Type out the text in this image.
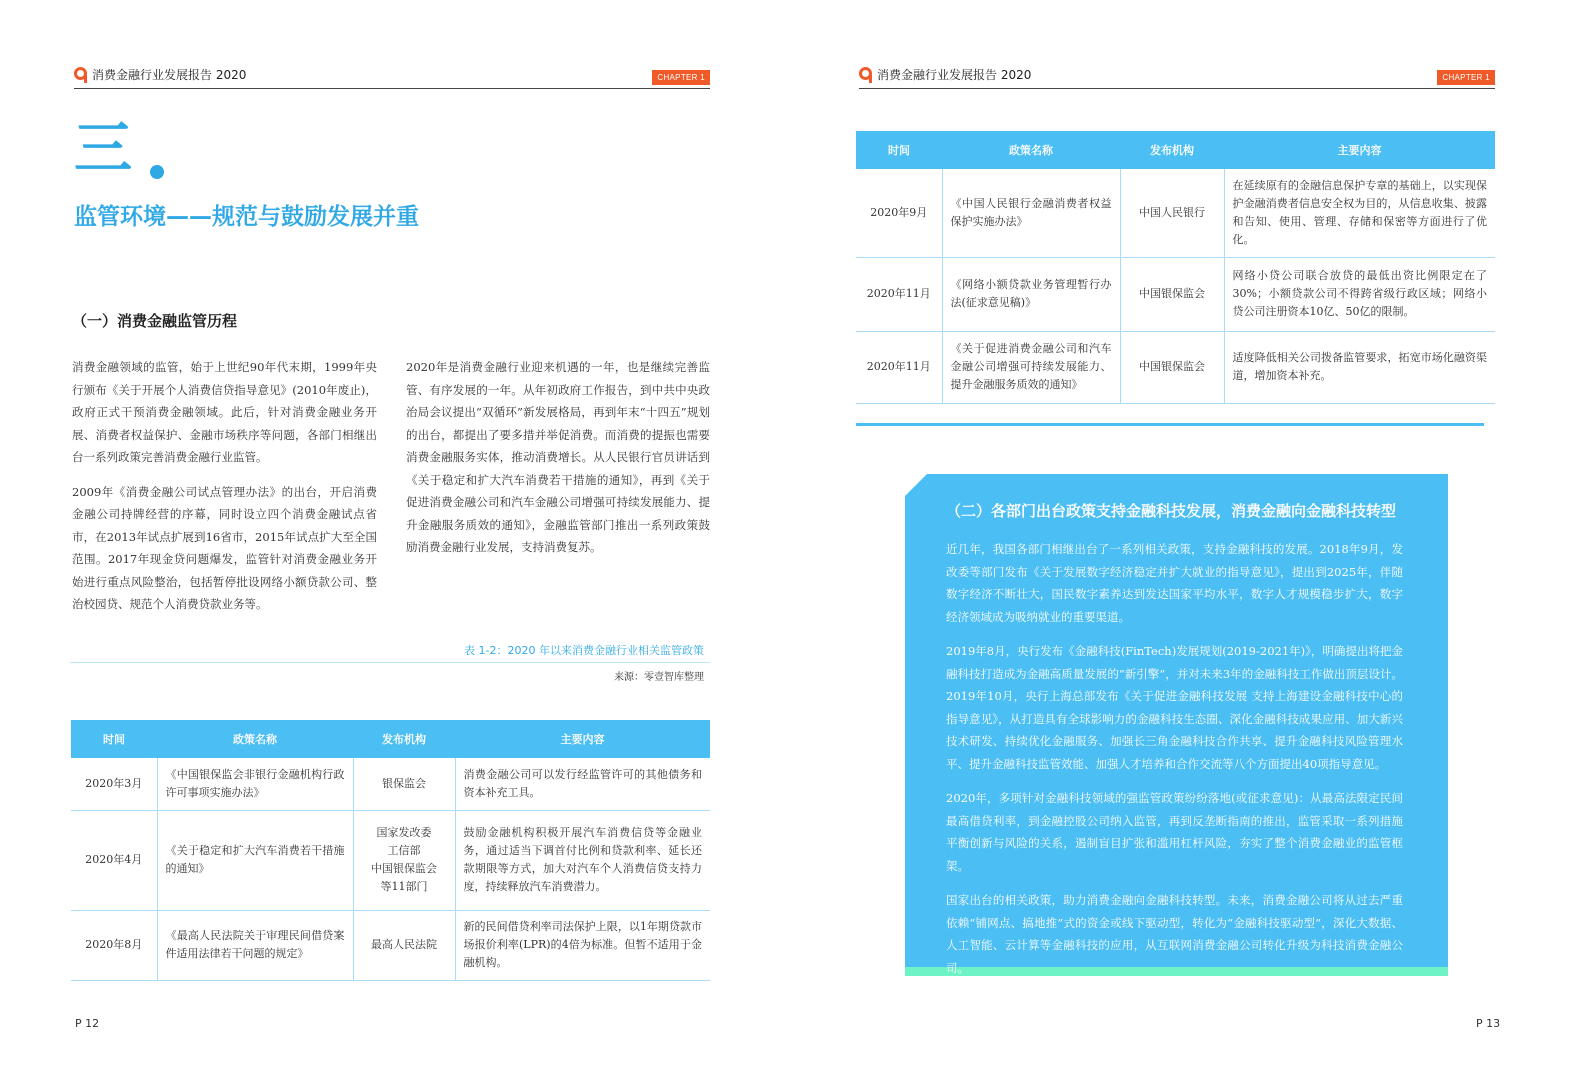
消费金融行业发展报告 2020	CHAPTER 1
三
监管环境——规范与鼓励发展并重
（一）消费金融监管历程

消费金融领域的监管，始于上世纪90年代末期，1999年央行颁布《关于开展个人消费信贷指导意见》(2010年废止)，政府正式干预消费金融领域。此后，针对消费金融业务开展、消费者权益保护、金融市场秩序等问题，各部门相继出台一系列政策完善消费金融行业监管。

2009年《消费金融公司试点管理办法》的出台，开启消费金融公司持牌经营的序幕，同时设立四个消费金融试点省市，在2013年试点扩展到16省市，2015年试点扩大至全国范围。2017年现金贷问题爆发，监管针对消费金融业务开始进行重点风险整治，包括暂停批设网络小额贷款公司、整治校园贷、规范个人消费贷款业务等。

2020年是消费金融行业迎来机遇的一年，也是继续完善监管、有序发展的一年。从年初政府工作报告，到中共中央政治局会议提出“双循环”新发展格局，再到年末“十四五”规划的出台，都提出了要多措并举促消费。而消费的提振也需要消费金融服务实体，推动消费增长。从人民银行官员讲话到《关于稳定和扩大汽车消费若干措施的通知》，再到《关于促进消费金融公司和汽车金融公司增强可持续发展能力、提升金融服务质效的通知》，金融监管部门推出一系列政策鼓励消费金融行业发展，支持消费复苏。

表 1-2：2020 年以来消费金融行业相关监管政策
来源：零壹智库整理
时间	政策名称	发布机构	主要内容
2020年3月	《中国银保监会非银行金融机构行政许可事项实施办法》	银保监会	消费金融公司可以发行经监管许可的其他债务和资本补充工具。
2020年4月	《关于稳定和扩大汽车消费若干措施的通知》	国家发改委
工信部
中国银保监会
等11部门	鼓励金融机构积极开展汽车消费信贷等金融业务，通过适当下调首付比例和贷款利率、延长还款期限等方式，加大对汽车个人消费信贷支持力度，持续释放汽车消费潜力。
2020年8月	《最高人民法院关于审理民间借贷案件适用法律若干问题的规定》	最高人民法院	新的民间借贷利率司法保护上限，以1年期贷款市场报价利率(LPR)的4倍为标准。但暂不适用于金融机构。
P 12
消费金融行业发展报告 2020	CHAPTER 1
时间	政策名称	发布机构	主要内容
2020年9月	《中国人民银行金融消费者权益保护实施办法》	中国人民银行	在延续原有的金融信息保护专章的基础上，以实现保护金融消费者信息安全权为目的，从信息收集、披露和告知、使用、管理、存储和保密等方面进行了优化。
2020年11月	《网络小额贷款业务管理暂行办法(征求意见稿)》	中国银保监会	网络小贷公司联合放贷的最低出资比例限定在了30%；小额贷款公司不得跨省级行政区域；网络小贷公司注册资本10亿、50亿的限制。
2020年11月	《关于促进消费金融公司和汽车金融公司增强可持续发展能力、提升金融服务质效的通知》	中国银保监会	适度降低相关公司拨备监管要求，拓宽市场化融资渠道，增加资本补充。
（二）各部门出台政策支持金融科技发展，消费金融向金融科技转型

近几年，我国各部门相继出台了一系列相关政策，支持金融科技的发展。2018年9月，发改委等部门发布《关于发展数字经济稳定并扩大就业的指导意见》，提出到2025年，伴随数字经济不断壮大，国民数字素养达到发达国家平均水平，数字人才规模稳步扩大，数字经济领域成为吸纳就业的重要渠道。

2019年8月，央行发布《金融科技(FinTech)发展规划(2019-2021年)》，明确提出将把金融科技打造成为金融高质量发展的“新引擎”，并对未来3年的金融科技工作做出顶层设计。2019年10月，央行上海总部发布《关于促进金融科技发展 支持上海建设金融科技中心的指导意见》，从打造具有全球影响力的金融科技生态圈、深化金融科技成果应用、加大新兴技术研发、持续优化金融服务、加强长三角金融科技合作共享、提升金融科技风险管理水平、提升金融科技监管效能、加强人才培养和合作交流等八个方面提出40项指导意见。

2020年，多项针对金融科技领域的强监管政策纷纷落地(或征求意见)：从最高法限定民间最高借贷利率，到金融控股公司纳入监管，再到反垄断指南的推出，监管采取一系列措施平衡创新与风险的关系，遏制盲目扩张和滥用杠杆风险，夯实了整个消费金融业的监管框架。

国家出台的相关政策，助力消费金融向金融科技转型。未来，消费金融公司将从过去严重依赖“铺网点、搞地推”式的资金或线下驱动型，转化为“金融科技驱动型”，深化大数据、人工智能、云计算等金融科技的应用，从互联网消费金融公司转化升级为科技消费金融公司。

P 13
